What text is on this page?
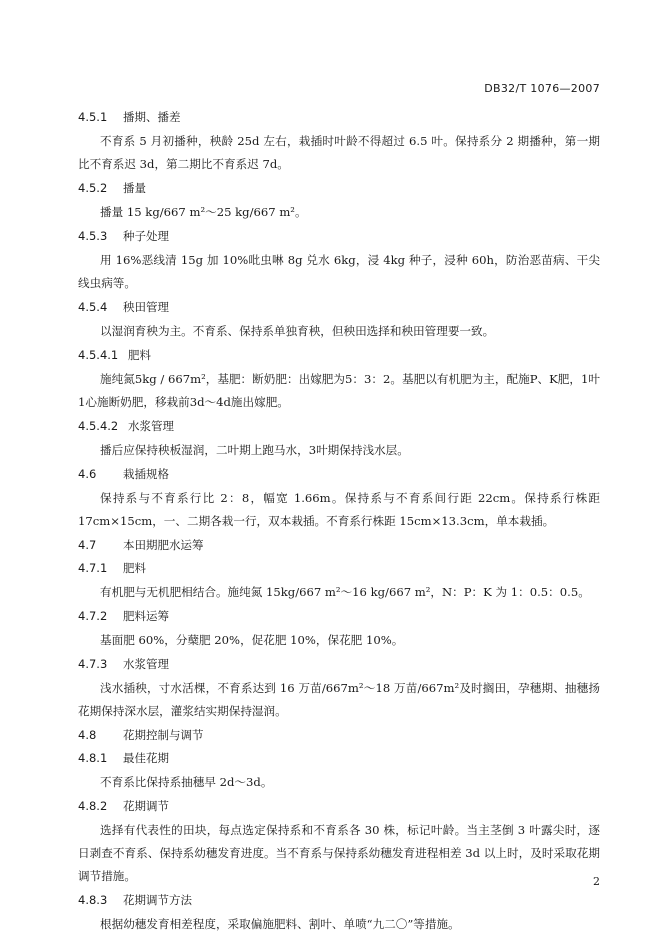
DB32/T 1076—2007
4.5.1 播期、播差

不育系 5 月初播种，秧龄 25d 左右，栽插时叶龄不得超过 6.5 叶。保持系分 2 期播种，第一期比不育系迟 3d，第二期比不育系迟 7d。

4.5.2 播量

播量 15 kg/667 m²～25 kg/667 m²。

4.5.3 种子处理

用 16%恶线清 15g 加 10%吡虫啉 8g 兑水 6kg，浸 4kg 种子，浸种 60h，防治恶苗病、干尖线虫病等。

4.5.4 秧田管理

以湿润育秧为主。不育系、保持系单独育秧，但秧田选择和秧田管理要一致。

4.5.4.1 肥料

施纯氮5kg / 667m²，基肥：断奶肥：出嫁肥为5：3：2。基肥以有机肥为主，配施P、K肥，1叶1心施断奶肥，移栽前3d～4d施出嫁肥。

4.5.4.2 水浆管理

播后应保持秧板湿润，二叶期上跑马水，3叶期保持浅水层。

4.6 栽插规格

保持系与不育系行比 2：8，幅宽 1.66m。保持系与不育系间行距 22cm。保持系行株距 17cm×15cm，一、二期各栽一行，双本栽插。不育系行株距 15cm×13.3cm，单本栽插。

4.7 本田期肥水运筹
4.7.1 肥料

有机肥与无机肥相结合。施纯氮 15kg/667 m²～16 kg/667 m²，N：P：K 为 1：0.5：0.5。

4.7.2 肥料运筹

基面肥 60%，分蘖肥 20%，促花肥 10%，保花肥 10%。

4.7.3 水浆管理

浅水插秧，寸水活棵，不育系达到 16 万苗/667m²～18 万苗/667m²及时搁田，孕穗期、抽穗扬花期保持深水层，灌浆结实期保持湿润。

4.8 花期控制与调节
4.8.1 最佳花期

不育系比保持系抽穗早 2d～3d。

4.8.2 花期调节

选择有代表性的田块，每点选定保持系和不育系各 30 株，标记叶龄。当主茎倒 3 叶露尖时，逐日剥查不育系、保持系幼穗发育进度。当不育系与保持系幼穗发育进程相差 3d 以上时，及时采取花期调节措施。

4.8.3 花期调节方法

根据幼穗发育相差程度，采取偏施肥料、割叶、单喷“九二〇”等措施。

2
